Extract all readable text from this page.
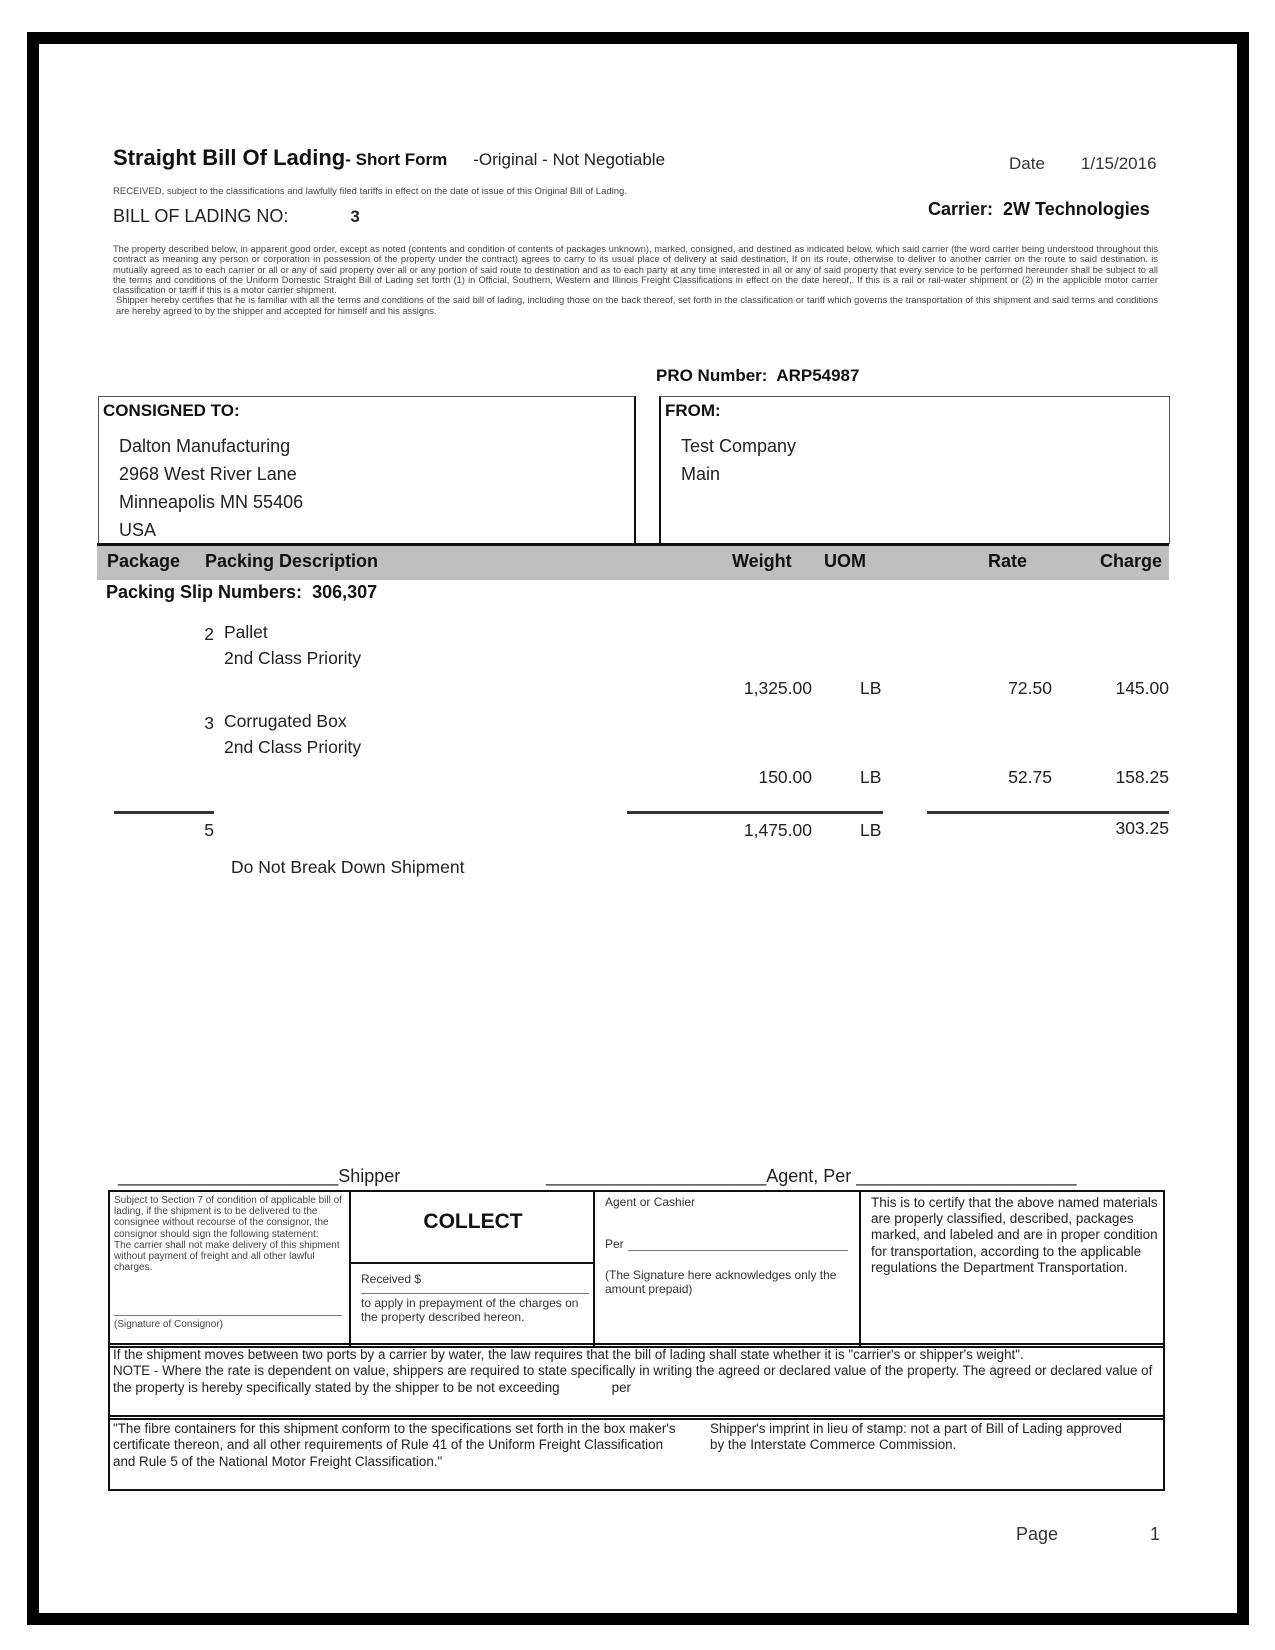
Straight Bill Of Lading- Short Form -Original - Not Negotiable
RECEIVED, subject to the classifications and lawfully filed tariffs in effect on the date of issue of this Original Bill of Lading.
BILL OF LADING NO:	3
Date 1/15/2016
Carrier: 2W Technologies
The property described below, in apparent good order, except as noted (contents and condition of contents of packages unknown), marked, consigned, and destined as indicated below, which said carrier (the word carrier being understood throughout this contract as meaning any person or corporation in possession of the property under the contract) agrees to carry to its usual place of delivery at said destination, If on its route, otherwise to deliver to another carrier on the route to said destination. is mutually agreed as to each carrier or all or any of said property over all or any portion of said route to destination and as to each party at any time interested in all or any of said property that every service to be performed hereunder shall be subject to all the terms and conditions of the Uniform Domestic Straight Bill of Lading set forth (1) in Official, Southern, Western and Illinois Freight Classifications in effect on the date hereof,. If this is a rail or rail-water shipment or (2) in the applicible motor carrier classification or tariff if this is a motor carrier shipment.
Shipper hereby certifies that he is familiar with all the terms and conditions of the said bill of lading, including those on the back thereof, set forth in the classification or tariff which governs the transportation of this shipment and said terms and conditions are hereby agreed to by the shipper and accepted for himself and his assigns.
PRO Number: ARP54987
CONSIGNED TO:
Dalton Manufacturing
2968 West River Lane
Minneapolis MN 55406
USA
FROM:
Test Company
Main
Package Packing Description	Weight UOM	Rate	Charge
Packing Slip Numbers: 306,307
2 Pallet
2nd Class Priority
1,325.00	LB	72.50	145.00
3 Corrugated Box
2nd Class Priority
150.00	LB	52.75	158.25
5	1,475.00	LB	303.25
Do Not Break Down Shipment
______________________Shipper	______________________Agent, Per ______________________
Subject to Section 7 of condition of applicable bill of lading, if the shipment is to be delivered to the consignee without recourse of the consignor, the consignor should sign the following statement:
The carrier shall not make delivery of this shipment without payment of freight and all other lawful charges.
(Signature of Consignor)
COLLECT
Received $
to apply in prepayment of the charges on the property described hereon.
Agent or Cashier
Per
(The Signature here acknowledges only the amount prepaid)
This is to certify that the above named materials are properly classified, described, packages marked, and labeled and are in proper condition for transportation, according to the applicable regulations the Department Transportation.
If the shipment moves between two ports by a carrier by water, the law requires that the bill of lading shall state whether it is "carrier's or shipper's weight".
NOTE - Where the rate is dependent on value, shippers are required to state specifically in writing the agreed or declared value of the property. The agreed or declared value of the property is hereby specifically stated by the shipper to be not exceeding	per
"The fibre containers for this shipment conform to the specifications set forth in the box maker's certificate thereon, and all other requirements of Rule 41 of the Uniform Freight Classification and Rule 5 of the National Motor Freight Classification."
Shipper's imprint in lieu of stamp: not a part of Bill of Lading approved by the Interstate Commerce Commission.
Page	1
